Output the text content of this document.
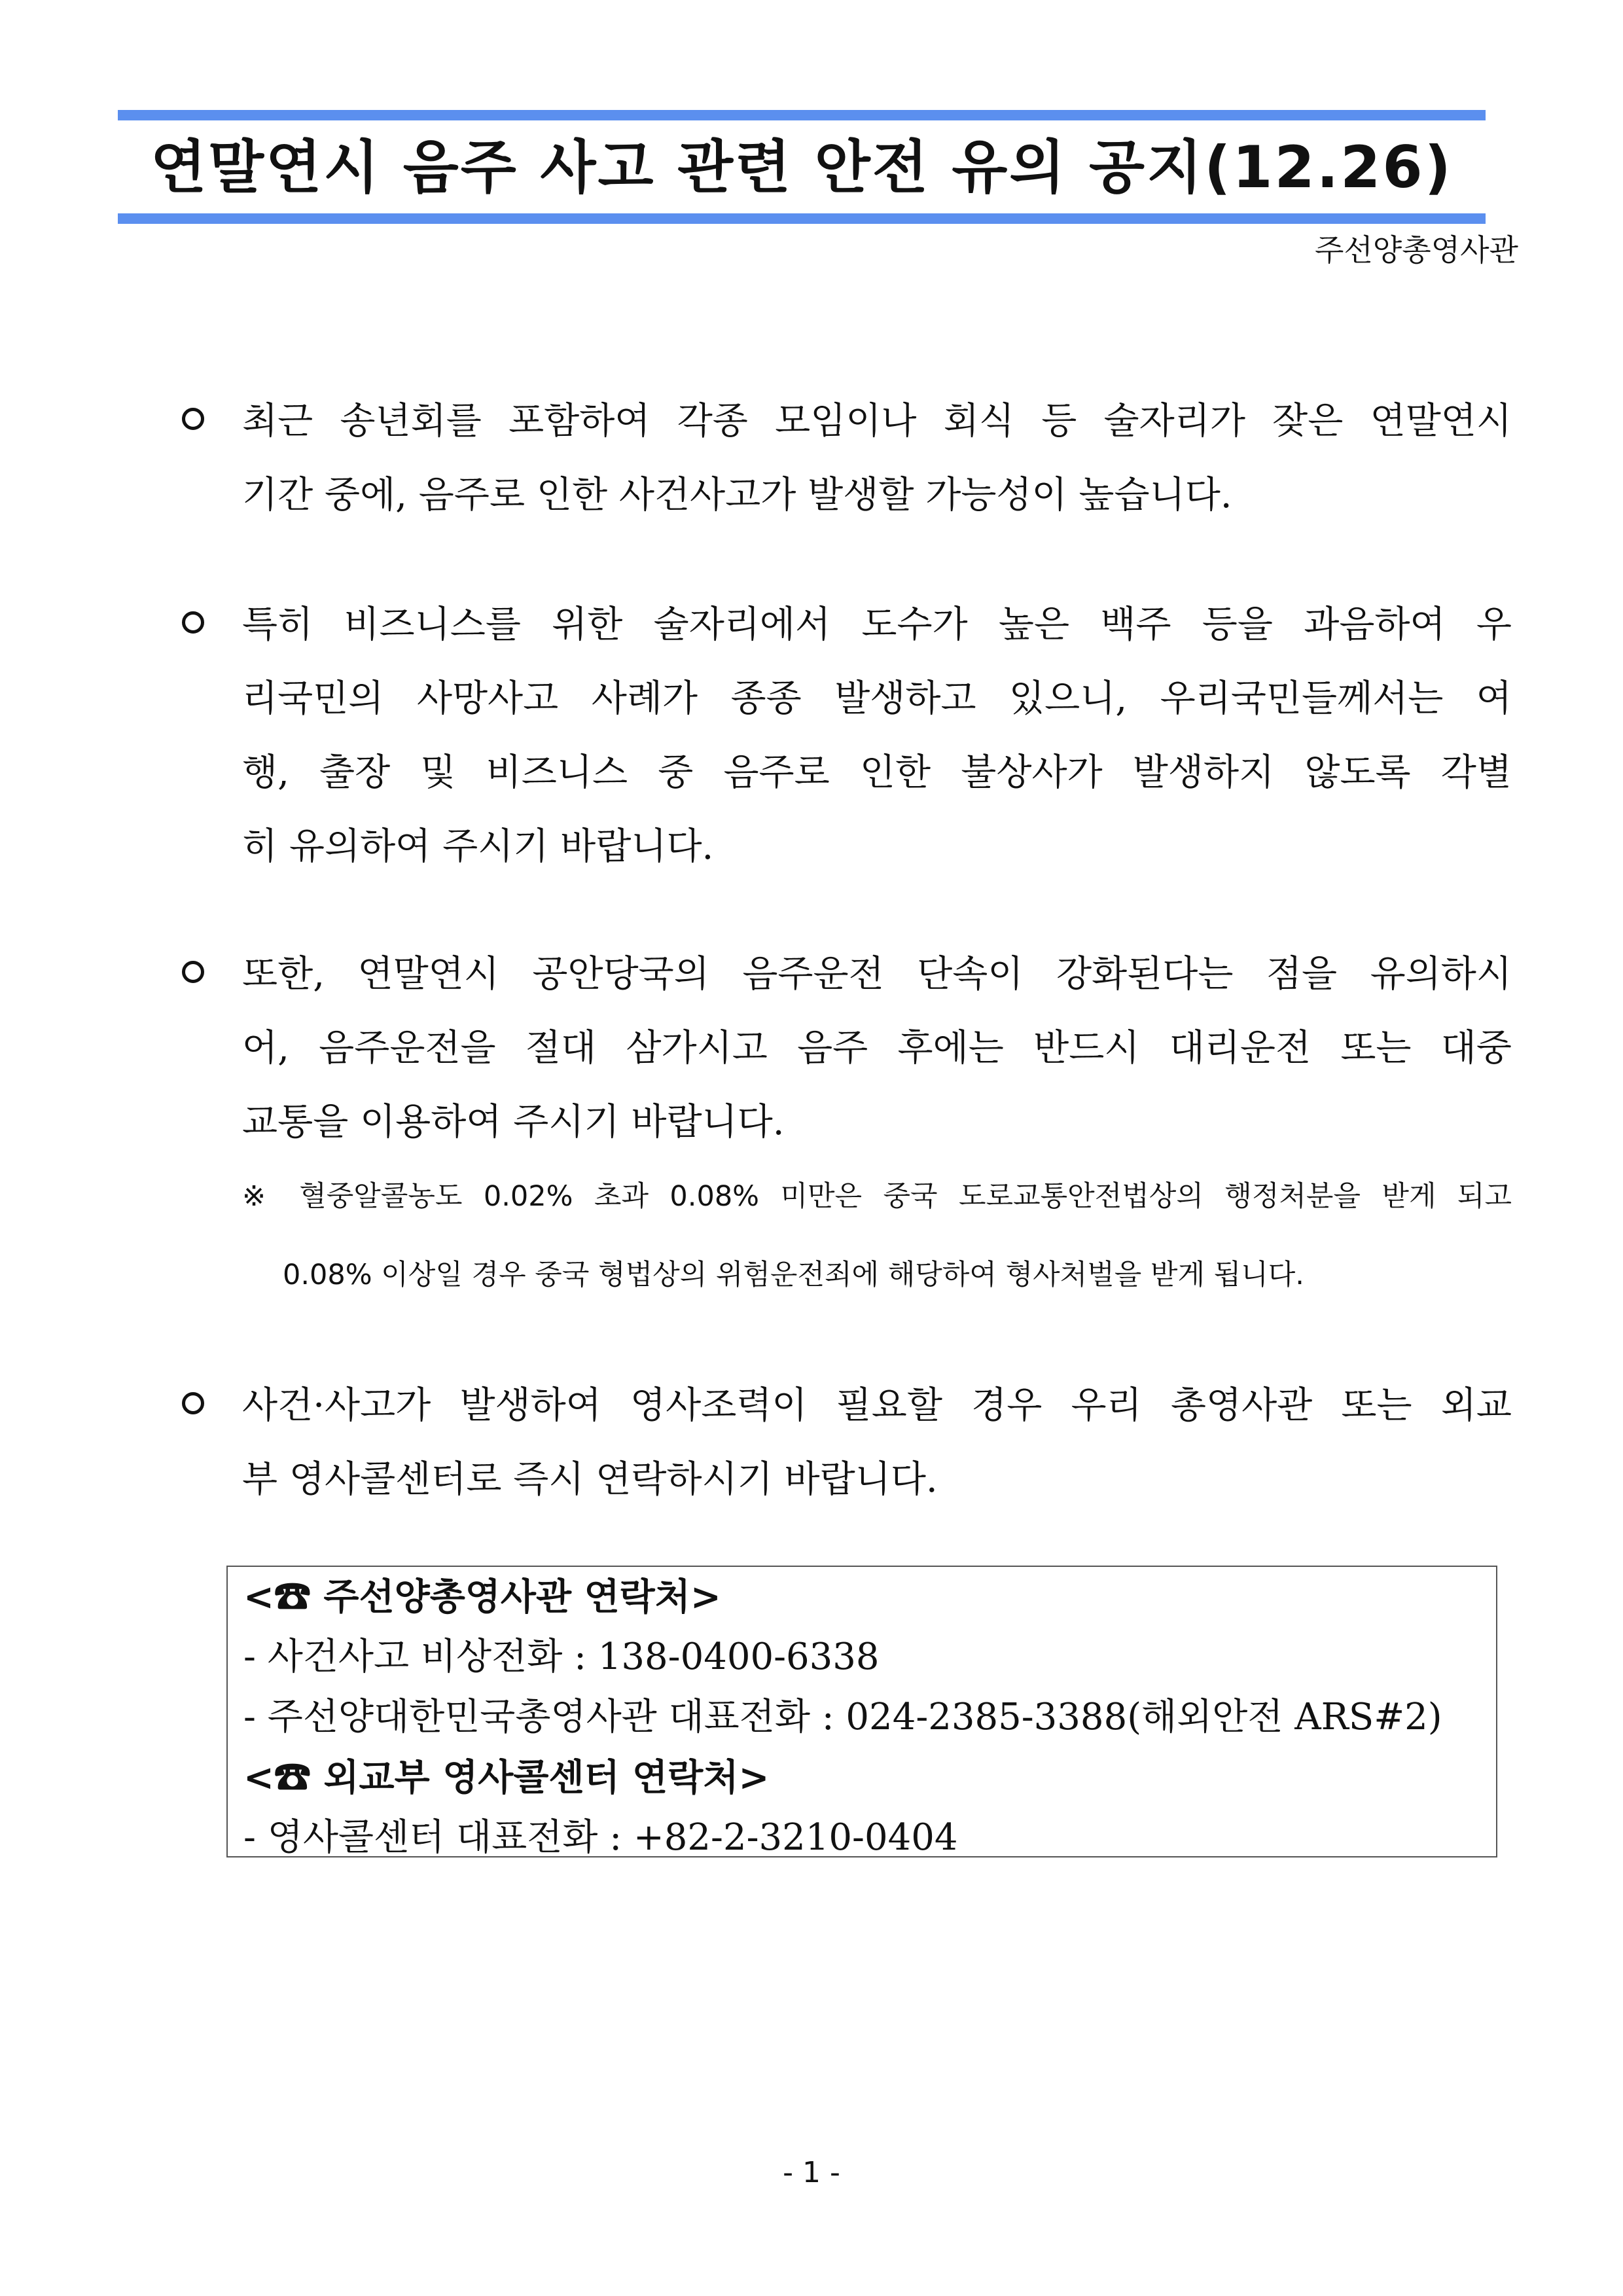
연말연시 음주 사고 관련 안전 유의 공지(12.26)
주선양총영사관
최근 송년회를 포함하여 각종 모임이나 회식 등 술자리가 잦은 연말연시
기간 중에, 음주로 인한 사건사고가 발생할 가능성이 높습니다.
특히 비즈니스를 위한 술자리에서 도수가 높은 백주 등을 과음하여 우
리국민의 사망사고 사례가 종종 발생하고 있으니, 우리국민들께서는 여
행, 출장 및 비즈니스 중 음주로 인한 불상사가 발생하지 않도록 각별
히 유의하여 주시기 바랍니다.
또한, 연말연시 공안당국의 음주운전 단속이 강화된다는 점을 유의하시
어, 음주운전을 절대 삼가시고 음주 후에는 반드시 대리운전 또는 대중
교통을 이용하여 주시기 바랍니다.
※ 혈중알콜농도 0.02% 초과 0.08% 미만은 중국 도로교통안전법상의 행정처분을 받게 되고
0.08% 이상일 경우 중국 형법상의 위험운전죄에 해당하여 형사처벌을 받게 됩니다.
사건·사고가 발생하여 영사조력이 필요할 경우 우리 총영사관 또는 외교
부 영사콜센터로 즉시 연락하시기 바랍니다.
<☎ 주선양총영사관 연락처>
- 사건사고 비상전화 : 138-0400-6338
- 주선양대한민국총영사관 대표전화 : 024-2385-3388(해외안전 ARS#2)
<☎ 외교부 영사콜센터 연락처>
- 영사콜센터 대표전화 : +82-2-3210-0404
- 1 -
